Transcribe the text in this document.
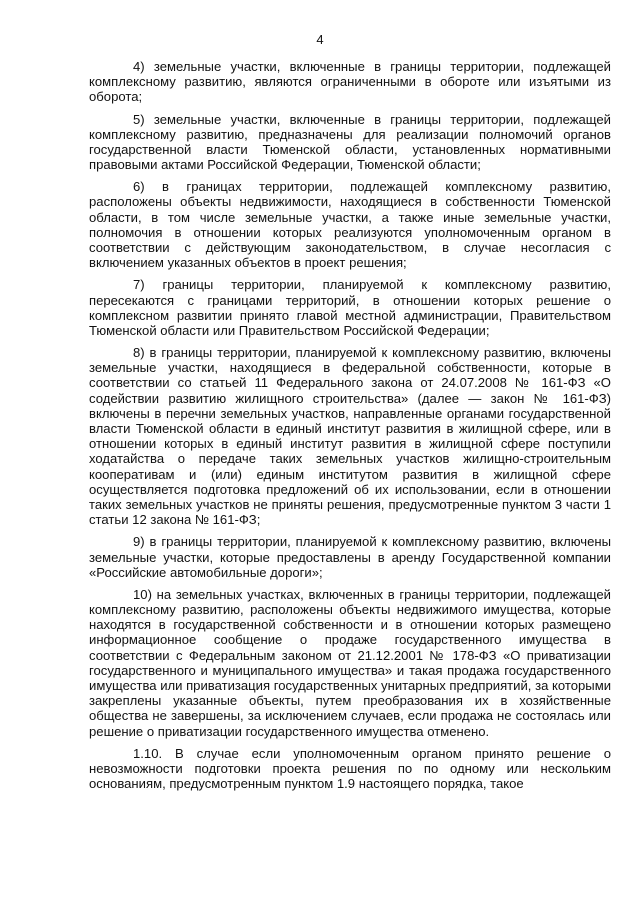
4

4) земельные участки, включенные в границы территории, подлежащей комплексному развитию, являются ограниченными в обороте или изъятыми из оборота;

5) земельные участки, включенные в границы территории, подлежащей комплексному развитию, предназначены для реализации полномочий органов государственной власти Тюменской области, установленных нормативными правовыми актами Российской Федерации, Тюменской области;

6) в границах территории, подлежащей комплексному развитию, расположены объекты недвижимости, находящиеся в собственности Тюменской области, в том числе земельные участки, а также иные земельные участки, полномочия в отношении которых реализуются уполномоченным органом в соответствии с действующим законодательством, в случае несогласия с включением указанных объектов в проект решения;

7) границы территории, планируемой к комплексному развитию, пересекаются с границами территорий, в отношении которых решение о комплексном развитии принято главой местной администрации, Правительством Тюменской области или Правительством Российской Федерации;

8) в границы территории, планируемой к комплексному развитию, включены земельные участки, находящиеся в федеральной собственности, которые в соответствии со статьей 11 Федерального закона от 24.07.2008 № 161-ФЗ «О содействии развитию жилищного строительства» (далее — закон № 161-ФЗ) включены в перечни земельных участков, направленные органами государственной власти Тюменской области в единый институт развития в жилищной сфере, или в отношении которых в единый институт развития в жилищной сфере поступили ходатайства о передаче таких земельных участков жилищно-строительным кооперативам и (или) единым институтом развития в жилищной сфере осуществляется подготовка предложений об их использовании, если в отношении таких земельных участков не приняты решения, предусмотренные пунктом 3 части 1 статьи 12 закона № 161-ФЗ;

9) в границы территории, планируемой к комплексному развитию, включены земельные участки, которые предоставлены в аренду Государственной компании «Российские автомобильные дороги»;

10) на земельных участках, включенных в границы территории, подлежащей комплексному развитию, расположены объекты недвижимого имущества, которые находятся в государственной собственности и в отношении которых размещено информационное сообщение о продаже государственного имущества в соответствии с Федеральным законом от 21.12.2001 № 178-ФЗ «О приватизации государственного и муниципального имущества» и такая продажа государственного имущества или приватизация государственных унитарных предприятий, за которыми закреплены указанные объекты, путем преобразования их в хозяйственные общества не завершены, за исключением случаев, если продажа не состоялась или решение о приватизации государственного имущества отменено.

1.10. В случае если уполномоченным органом принято решение о невозможности подготовки проекта решения по по одному или нескольким основаниям, предусмотренным пунктом 1.9 настоящего порядка, такое
